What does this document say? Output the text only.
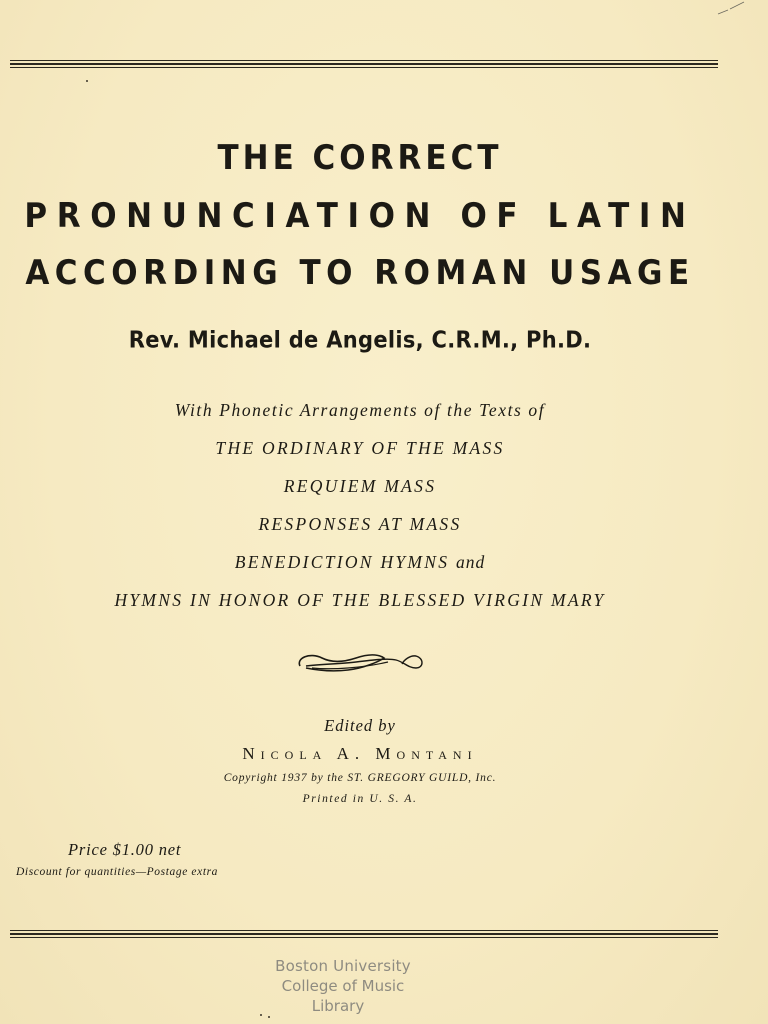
THE CORRECT
PRONUNCIATION OF LATIN
ACCORDING TO ROMAN USAGE
Rev. Michael de Angelis, C.R.M., Ph.D.
With Phonetic Arrangements of the Texts of
THE ORDINARY OF THE MASS
REQUIEM MASS
RESPONSES AT MASS
BENEDICTION HYMNS and
HYMNS IN HONOR OF THE BLESSED VIRGIN MARY
Edited by
Nicola A. Montani
Copyright 1937 by the ST. GREGORY GUILD, Inc.
Printed in U. S. A.
Price $1.00 net
Discount for quantities—Postage extra
Boston University
College of Music
Library
